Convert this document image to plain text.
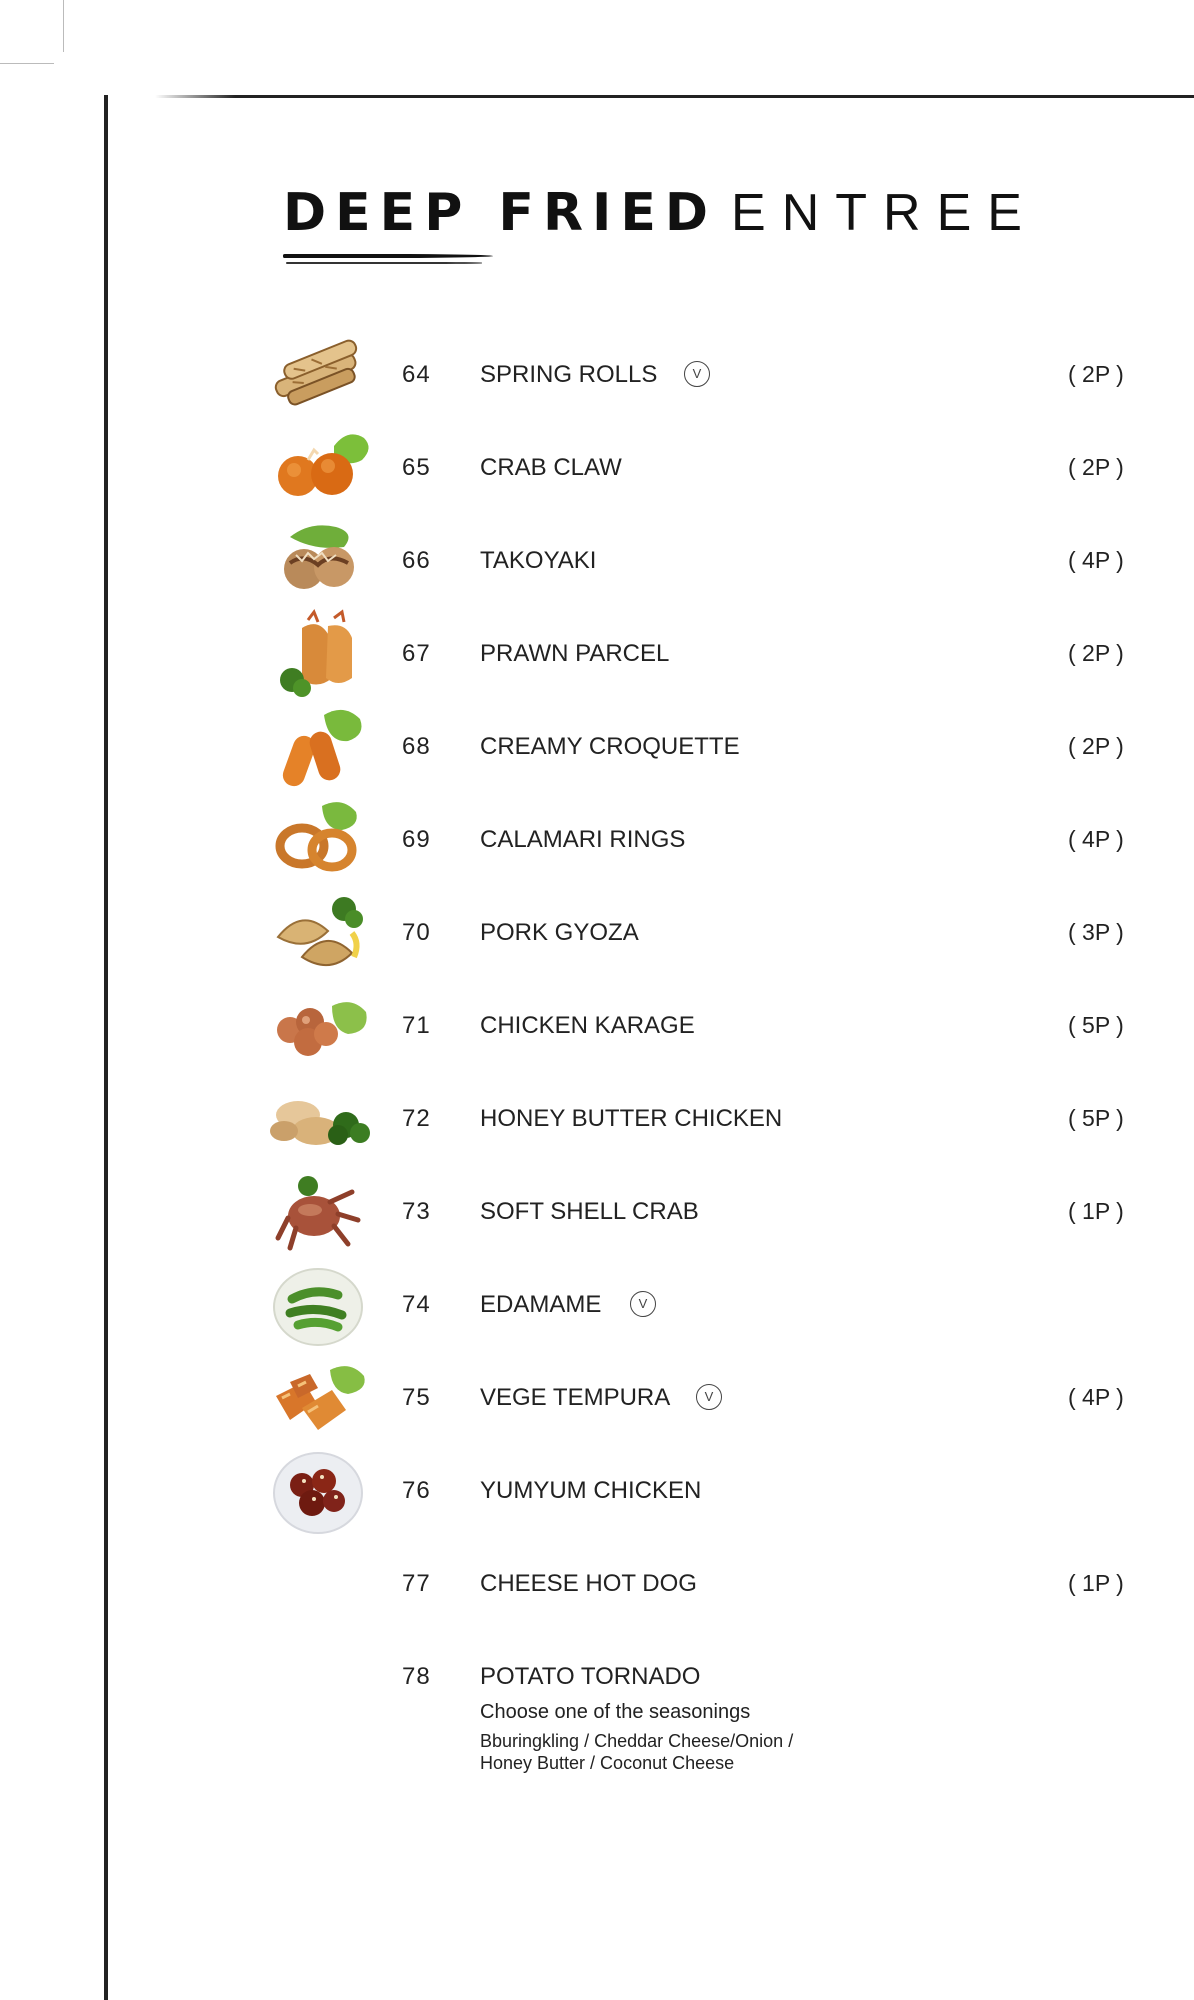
DEEP FRIED ENTREE
64 SPRING ROLLS	V	( 2P )
65 CRAB CLAW	( 2P )
66 TAKOYAKI	( 4P )
67 PRAWN PARCEL	( 2P )
68 CREAMY CROQUETTE	( 2P )
69 CALAMARI RINGS	( 4P )
70 PORK GYOZA	( 3P )
71 CHICKEN KARAGE	( 5P )
72 HONEY BUTTER CHICKEN	( 5P )
73 SOFT SHELL CRAB	( 1P )
74 EDAMAME	V
75 VEGE TEMPURA	V	( 4P )
76 YUMYUM CHICKEN
77 CHEESE HOT DOG	( 1P )
78 POTATO TORNADO
Choose one of the seasonings
Bburingkling / Cheddar Cheese/Onion /
Honey Butter / Coconut Cheese
